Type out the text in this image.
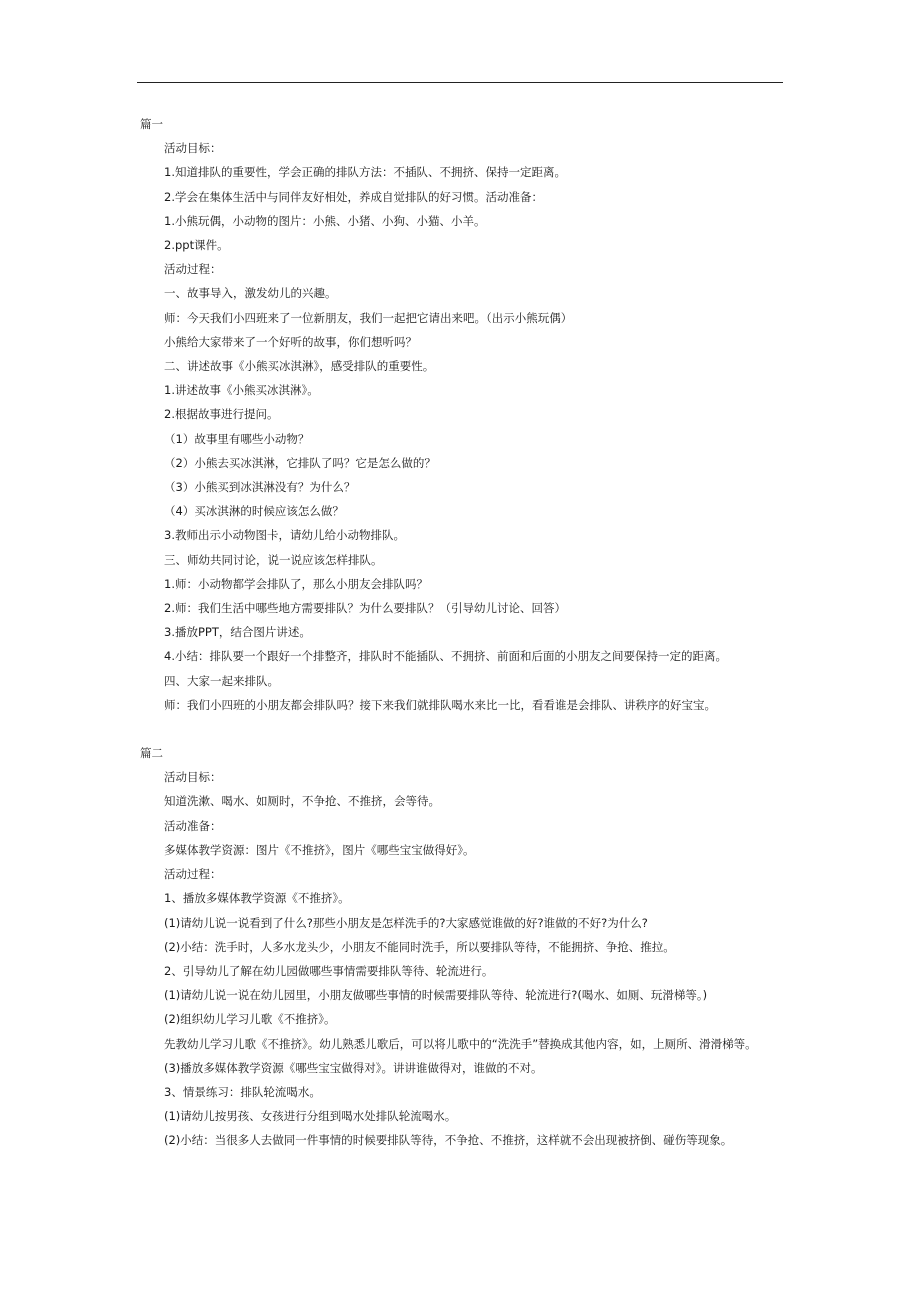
篇一

活动目标：

1.知道排队的重要性，学会正确的排队方法：不插队、不拥挤、保持一定距离。

2.学会在集体生活中与同伴友好相处，养成自觉排队的好习惯。活动准备：

1.小熊玩偶，小动物的图片：小熊、小猪、小狗、小猫、小羊。

2.ppt课件。

活动过程：

一、故事导入，激发幼儿的兴趣。

师：今天我们小四班来了一位新朋友，我们一起把它请出来吧。（出示小熊玩偶）

小熊给大家带来了一个好听的故事，你们想听吗？

二、讲述故事《小熊买冰淇淋》，感受排队的重要性。

1.讲述故事《小熊买冰淇淋》。

2.根据故事进行提问。

（1）故事里有哪些小动物？

（2）小熊去买冰淇淋，它排队了吗？它是怎么做的？

（3）小熊买到冰淇淋没有？为什么？

（4）买冰淇淋的时候应该怎么做？

3.教师出示小动物图卡，请幼儿给小动物排队。

三、师幼共同讨论，说一说应该怎样排队。

1.师：小动物都学会排队了，那么小朋友会排队吗？

2.师：我们生活中哪些地方需要排队？为什么要排队？（引导幼儿讨论、回答）

3.播放PPT，结合图片讲述。

4.小结：排队要一个跟好一个排整齐，排队时不能插队、不拥挤、前面和后面的小朋友之间要保持一定的距离。

四、大家一起来排队。

师：我们小四班的小朋友都会排队吗？接下来我们就排队喝水来比一比，看看谁是会排队、讲秩序的好宝宝。

篇二

活动目标：

知道洗漱、喝水、如厕时，不争抢、不推挤，会等待。

活动准备：

多媒体教学资源：图片《不推挤》，图片《哪些宝宝做得好》。

活动过程：

1、播放多媒体教学资源《不推挤》。

(1)请幼儿说一说看到了什么?那些小朋友是怎样洗手的?大家感觉谁做的好?谁做的不好?为什么?

(2)小结：洗手时，人多水龙头少，小朋友不能同时洗手，所以要排队等待，不能拥挤、争抢、推拉。

2、引导幼儿了解在幼儿园做哪些事情需要排队等待、轮流进行。

(1)请幼儿说一说在幼儿园里，小朋友做哪些事情的时候需要排队等待、轮流进行?(喝水、如厕、玩滑梯等。)

(2)组织幼儿学习儿歌《不推挤》。

先教幼儿学习儿歌《不推挤》。幼儿熟悉儿歌后，可以将儿歌中的“洗洗手”替换成其他内容，如，上厕所、滑滑梯等。

(3)播放多媒体教学资源《哪些宝宝做得对》。讲讲谁做得对，谁做的不对。

3、情景练习：排队轮流喝水。

(1)请幼儿按男孩、女孩进行分组到喝水处排队轮流喝水。

(2)小结：当很多人去做同一件事情的时候要排队等待，不争抢、不推挤，这样就不会出现被挤倒、碰伤等现象。
